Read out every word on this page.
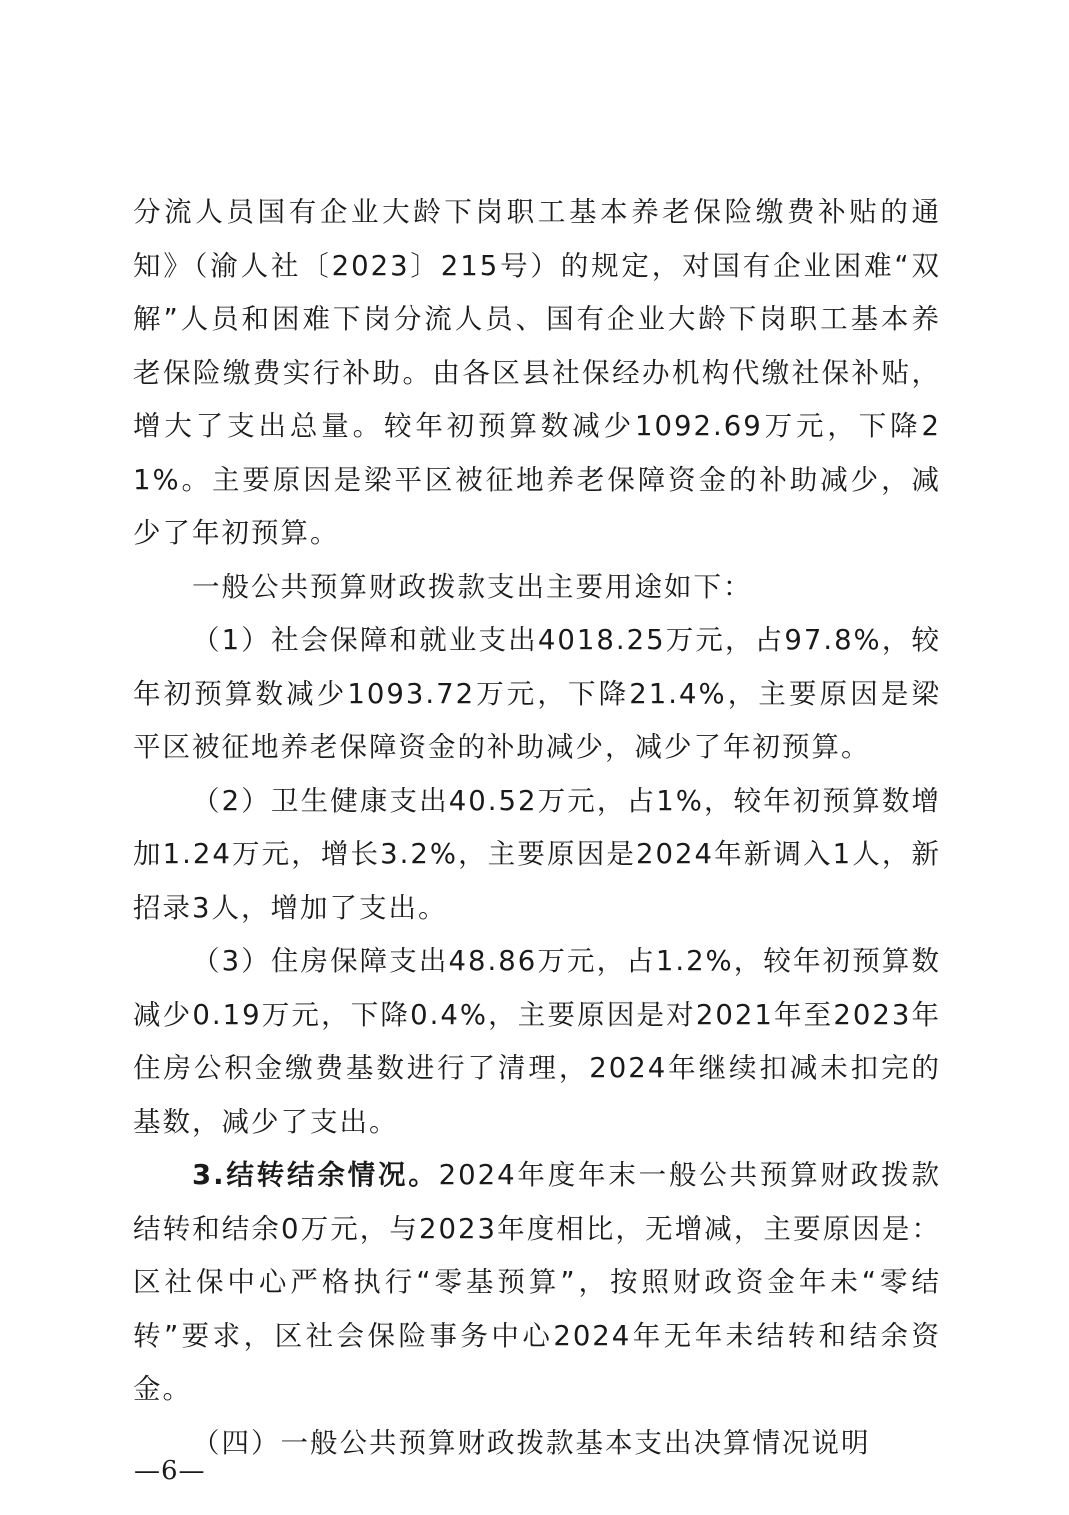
分流人员国有企业大龄下岗职工基本养老保险缴费补贴的通知》（渝人社〔2023〕215号）的规定，对国有企业困难“双解”人员和困难下岗分流人员、国有企业大龄下岗职工基本养老保险缴费实行补助。由各区县社保经办机构代缴社保补贴，增大了支出总量。较年初预算数减少1092.69万元，下降21%。主要原因是梁平区被征地养老保障资金的补助减少，减少了年初预算。

一般公共预算财政拨款支出主要用途如下：

（1）社会保障和就业支出4018.25万元，占97.8%，较年初预算数减少1093.72万元，下降21.4%，主要原因是梁平区被征地养老保障资金的补助减少，减少了年初预算。

（2）卫生健康支出40.52万元，占1%，较年初预算数增加1.24万元，增长3.2%，主要原因是2024年新调入1人，新招录3人，增加了支出。

（3）住房保障支出48.86万元，占1.2%，较年初预算数减少0.19万元，下降0.4%，主要原因是对2021年至2023年住房公积金缴费基数进行了清理，2024年继续扣减未扣完的基数，减少了支出。

3.结转结余情况。2024年度年末一般公共预算财政拨款结转和结余0万元，与2023年度相比，无增减，主要原因是：区社保中心严格执行“零基预算”，按照财政资金年未“零结转”要求，区社会保险事务中心2024年无年未结转和结余资金。

（四）一般公共预算财政拨款基本支出决算情况说明

—6—
